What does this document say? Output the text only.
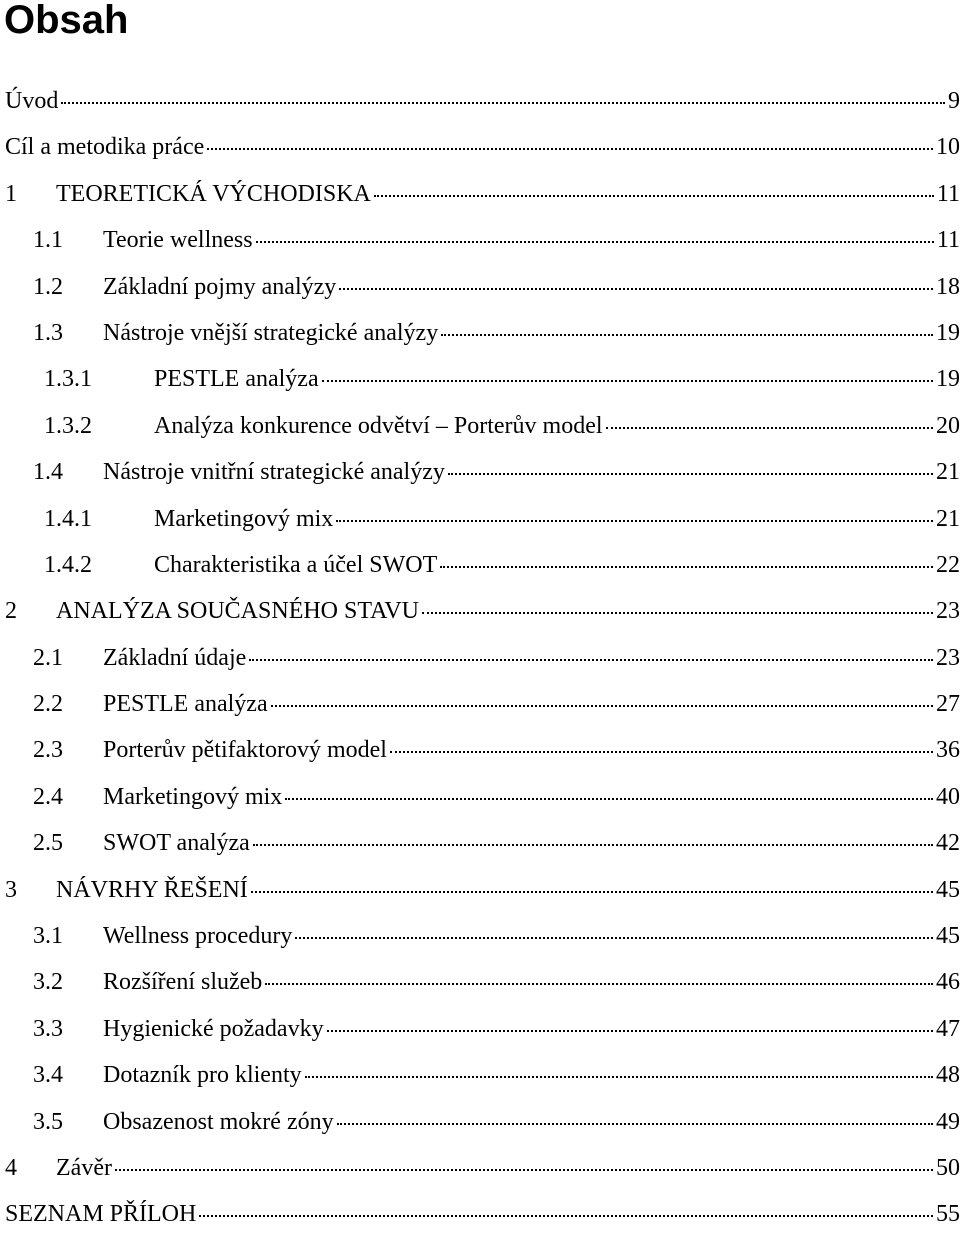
Obsah
Úvod	9
Cíl a metodika práce	10
1	TEORETICKÁ VÝCHODISKA	11
1.1	Teorie wellness	11
1.2	Základní pojmy analýzy	18
1.3	Nástroje vnější strategické analýzy	19
1.3.1	PESTLE analýza	19
1.3.2	Analýza konkurence odvětví – Porterův model	20
1.4	Nástroje vnitřní strategické analýzy	21
1.4.1	Marketingový mix	21
1.4.2	Charakteristika a účel SWOT	22
2	ANALÝZA SOUČASNÉHO STAVU	23
2.1	Základní údaje	23
2.2	PESTLE analýza	27
2.3	Porterův pětifaktorový model	36
2.4	Marketingový mix	40
2.5	SWOT analýza	42
3	NÁVRHY ŘEŠENÍ	45
3.1	Wellness procedury	45
3.2	Rozšíření služeb	46
3.3	Hygienické požadavky	47
3.4	Dotazník pro klienty	48
3.5	Obsazenost mokré zóny	49
4	Závěr	50
SEZNAM PŘÍLOH	55
